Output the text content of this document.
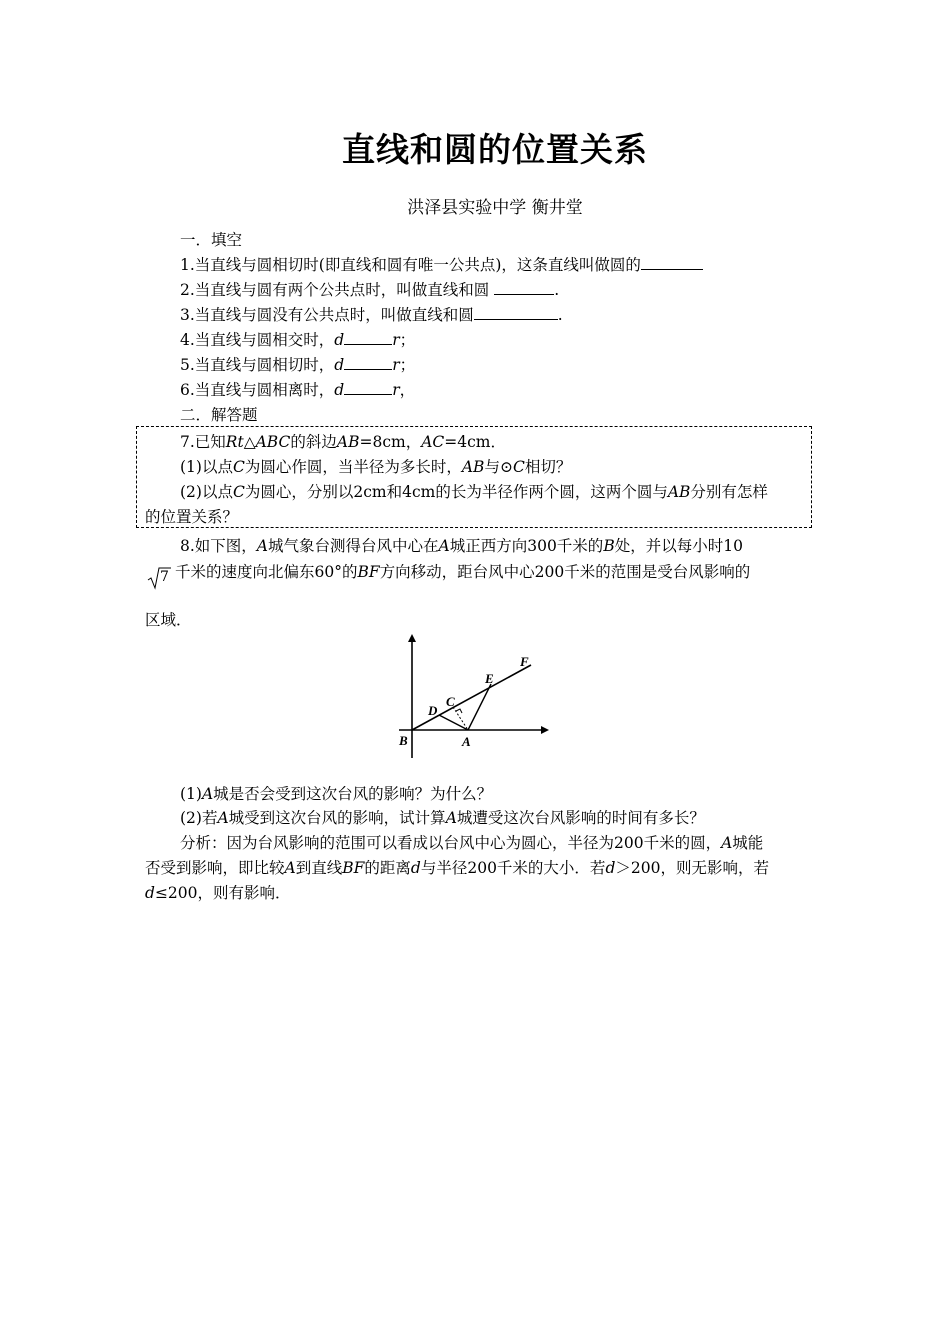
直线和圆的位置关系
洪泽县实验中学 衡井堂
一．填空
1.当直线与圆相切时(即直线和圆有唯一公共点)，这条直线叫做圆的
2.当直线与圆有两个公共点时，叫做直线和圆	.
3.当直线与圆没有公共点时，叫做直线和圆	.
4.当直线与圆相交时，d	r；
5.当直线与圆相切时，d	r；
6.当直线与圆相离时，d	r，
二．解答题
7.已知Rt△ABC的斜边AB=8cm，AC=4cm．
(1)以点C为圆心作圆，当半径为多长时，AB与⊙C相切？
(2)以点C为圆心，分别以2cm和4cm的长为半径作两个圆，这两个圆与AB分别有怎样
的位置关系？
8.如下图，A城气象台测得台风中心在A城正西方向300千米的B处，并以每小时10
7 千米的速度向北偏东60°的BF方向移动，距台风中心200千米的范围是受台风影响的
区域．
F
E
C
D
B	A
(1)A城是否会受到这次台风的影响？为什么？
(2)若A城受到这次台风的影响，试计算A城遭受这次台风影响的时间有多长？
分析：因为台风影响的范围可以看成以台风中心为圆心，半径为200千米的圆，A城能
否受到影响，即比较A到直线BF的距离d与半径200千米的大小．若d＞200，则无影响，若
d≤200，则有影响．
